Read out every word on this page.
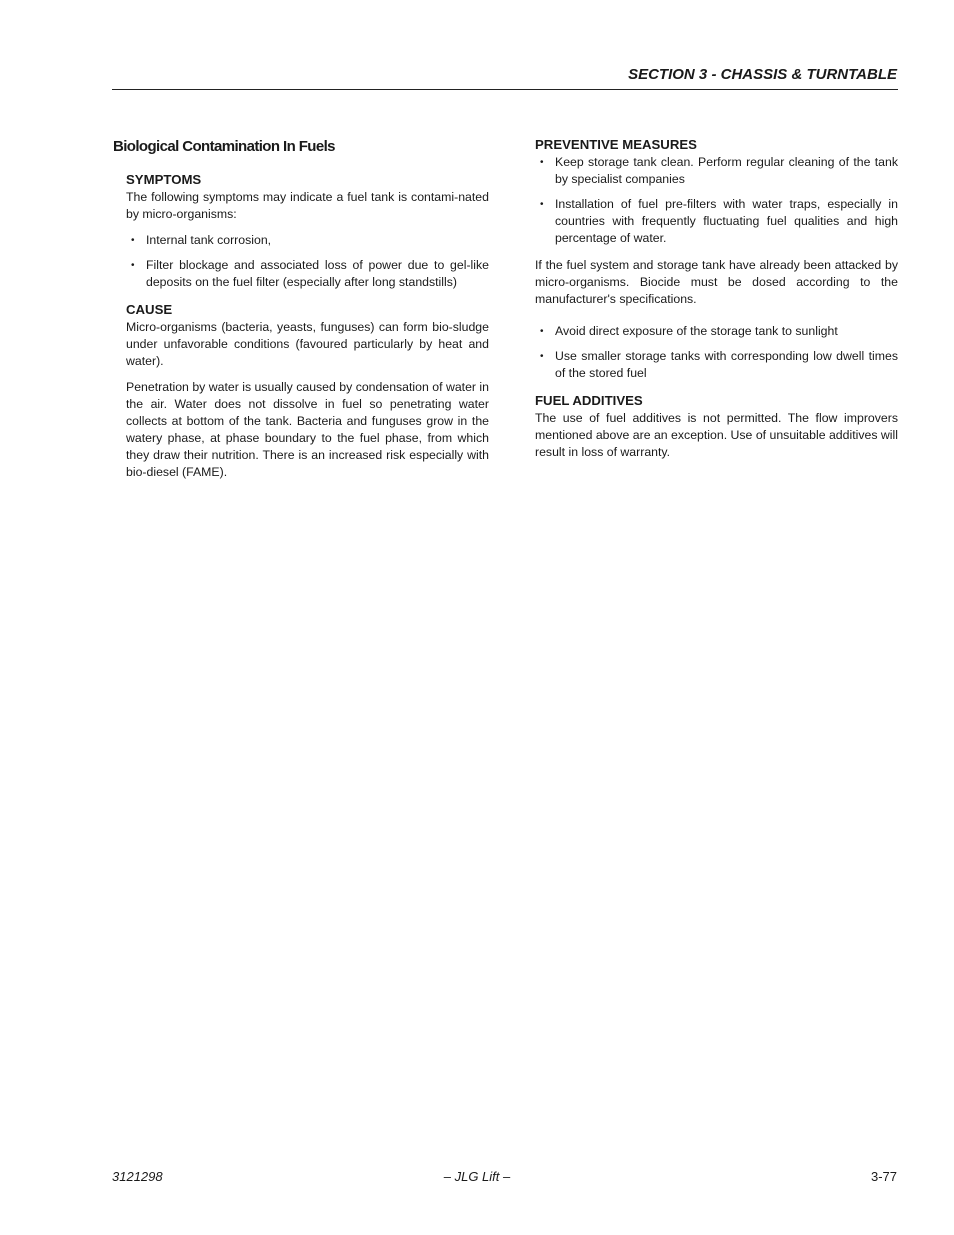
SECTION 3 - CHASSIS & TURNTABLE
Biological Contamination In Fuels
SYMPTOMS

The following symptoms may indicate a fuel tank is contami-nated by micro-organisms:

• Internal tank corrosion,
• Filter blockage and associated loss of power due to gel-like deposits on the fuel filter (especially after long standstills)
CAUSE

Micro-organisms (bacteria, yeasts, funguses) can form bio-sludge under unfavorable conditions (favoured particularly by heat and water).

Penetration by water is usually caused by condensation of water in the air. Water does not dissolve in fuel so penetrating water collects at bottom of the tank. Bacteria and funguses grow in the watery phase, at phase boundary to the fuel phase, from which they draw their nutrition. There is an increased risk especially with bio-diesel (FAME).

PREVENTIVE MEASURES
• Keep storage tank clean. Perform regular cleaning of the tank by specialist companies
• Installation of fuel pre-filters with water traps, especially in countries with frequently fluctuating fuel qualities and high percentage of water.

If the fuel system and storage tank have already been attacked by micro-organisms. Biocide must be dosed according to the manufacturer's specifications.

• Avoid direct exposure of the storage tank to sunlight
• Use smaller storage tanks with corresponding low dwell times of the stored fuel
FUEL ADDITIVES

The use of fuel additives is not permitted. The flow improvers mentioned above are an exception. Use of unsuitable additives will result in loss of warranty.

3121298	– JLG Lift –	3-77
